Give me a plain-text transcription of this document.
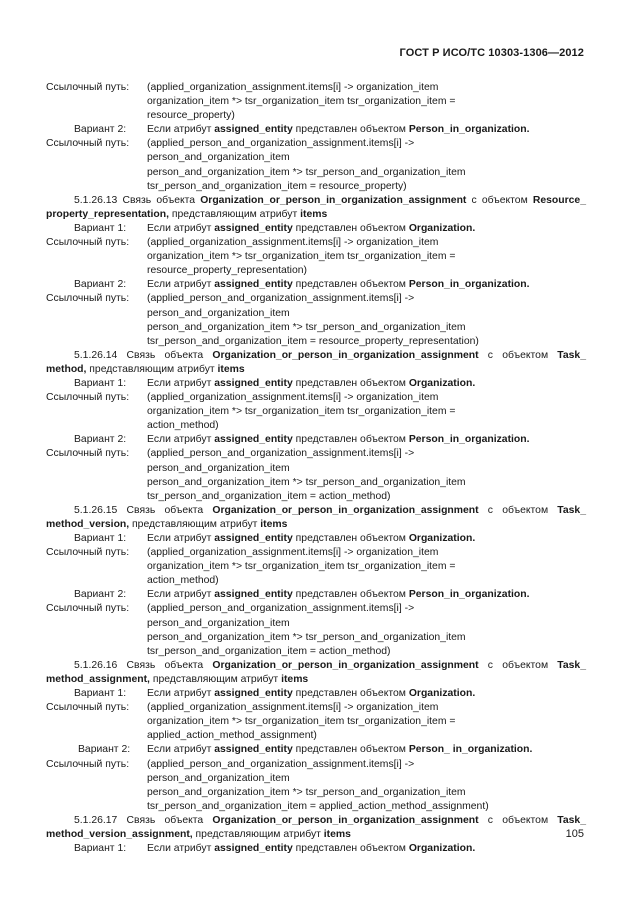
ГОСТ Р ИСО/ТС 10303-1306—2012
Ссылочный путь:	(applied_organization_assignment.items[i] -> organization_item
organization_item *> tsr_organization_item tsr_organization_item =
resource_property)
Вариант 2:	Если атрибут assigned_entity представлен объектом Person_in_organization.
Ссылочный путь:	(applied_person_and_organization_assignment.items[i] ->
person_and_organization_item
person_and_organization_item *> tsr_person_and_organization_item
tsr_person_and_organization_item = resource_property)
5.1.26.13 Связь объекта Organization_or_person_in_organization_assignment с объектом Resource_ property_representation, представляющим атрибут items
Вариант 1:	Если атрибут assigned_entity представлен объектом Organization.
Ссылочный путь:	(applied_organization_assignment.items[i] -> organization_item
organization_item *> tsr_organization_item tsr_organization_item =
resource_property_representation)
Вариант 2:	Если атрибут assigned_entity представлен объектом Person_in_organization.
Ссылочный путь:	(applied_person_and_organization_assignment.items[i] ->
person_and_organization_item
person_and_organization_item *> tsr_person_and_organization_item
tsr_person_and_organization_item = resource_property_representation)
5.1.26.14 Связь объекта Organization_or_person_in_organization_assignment с объектом Task_ method, представляющим атрибут items
Вариант 1:	Если атрибут assigned_entity представлен объектом Organization.
Ссылочный путь:	(applied_organization_assignment.items[i] -> organization_item
organization_item *> tsr_organization_item tsr_organization_item =
action_method)
Вариант 2:	Если атрибут assigned_entity представлен объектом Person_in_organization.
Ссылочный путь:	(applied_person_and_organization_assignment.items[i] ->
person_and_organization_item
person_and_organization_item *> tsr_person_and_organization_item
tsr_person_and_organization_item = action_method)
5.1.26.15 Связь объекта Organization_or_person_in_organization_assignment с объектом Task_ method_version, представляющим атрибут items
Вариант 1:	Если атрибут assigned_entity представлен объектом Organization.
Ссылочный путь:	(applied_organization_assignment.items[i] -> organization_item
organization_item *> tsr_organization_item tsr_organization_item =
action_method)
Вариант 2:	Если атрибут assigned_entity представлен объектом Person_in_organization.
Ссылочный путь:	(applied_person_and_organization_assignment.items[i] ->
person_and_organization_item
person_and_organization_item *> tsr_person_and_organization_item
tsr_person_and_organization_item = action_method)
5.1.26.16 Связь объекта Organization_or_person_in_organization_assignment с объектом Task_ method_assignment, представляющим атрибут items
Вариант 1:	Если атрибут assigned_entity представлен объектом Organization.
Ссылочный путь:	(applied_organization_assignment.items[i] -> organization_item
organization_item *> tsr_organization_item tsr_organization_item =
applied_action_method_assignment)
Вариант 2:	Если атрибут assigned_entity представлен объектом Person_ in_organization.
Ссылочный путь:	(applied_person_and_organization_assignment.items[i] ->
person_and_organization_item
person_and_organization_item *> tsr_person_and_organization_item
tsr_person_and_organization_item = applied_action_method_assignment)
5.1.26.17 Связь объекта Organization_or_person_in_organization_assignment с объектом Task_ method_version_assignment, представляющим атрибут items
Вариант 1:	Если атрибут assigned_entity представлен объектом Organization.
105
